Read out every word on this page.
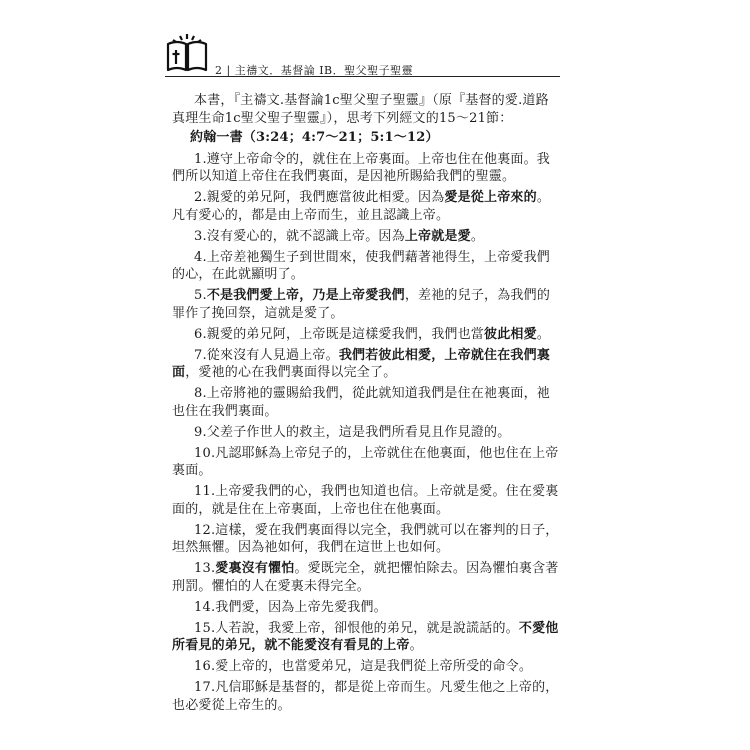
2 | 主禱文．基督論 IB．聖父聖子聖靈

本書，『主禱文.基督論1c聖父聖子聖靈』（原『基督的愛.道路真理生命1c聖父聖子聖靈』），思考下列經文的15～21節：

約翰一書（3:24；4:7～21；5:1～12）

1.遵守上帝命令的，就住在上帝裏面。上帝也住在他裏面。我們所以知道上帝住在我們裏面，是因祂所賜給我們的聖靈。

2.親愛的弟兄阿，我們應當彼此相愛。因為愛是從上帝來的。凡有愛心的，都是由上帝而生，並且認識上帝。

3.沒有愛心的，就不認識上帝。因為上帝就是愛。

4.上帝差祂獨生子到世間來，使我們藉著祂得生，上帝愛我們的心，在此就顯明了。

5.不是我們愛上帝，乃是上帝愛我們，差祂的兒子，為我們的罪作了挽回祭，這就是愛了。

6.親愛的弟兄阿，上帝既是這樣愛我們，我們也當彼此相愛。

7.從來沒有人見過上帝。我們若彼此相愛，上帝就住在我們裏面，愛祂的心在我們裏面得以完全了。

8.上帝將祂的靈賜給我們，從此就知道我們是住在祂裏面，祂也住在我們裏面。

9.父差子作世人的救主，這是我們所看見且作見證的。

10.凡認耶穌為上帝兒子的，上帝就住在他裏面，他也住在上帝裏面。

11.上帝愛我們的心，我們也知道也信。上帝就是愛。住在愛裏面的，就是住在上帝裏面，上帝也住在他裏面。

12.這樣，愛在我們裏面得以完全，我們就可以在審判的日子，坦然無懼。因為祂如何，我們在這世上也如何。

13.愛裏沒有懼怕。愛既完全，就把懼怕除去。因為懼怕裏含著刑罰。懼怕的人在愛裏未得完全。

14.我們愛，因為上帝先愛我們。

15.人若說，我愛上帝，卻恨他的弟兄，就是說謊話的。不愛他所看見的弟兄，就不能愛沒有看見的上帝。

16.愛上帝的，也當愛弟兄，這是我們從上帝所受的命令。

17.凡信耶穌是基督的，都是從上帝而生。凡愛生他之上帝的，也必愛從上帝生的。
